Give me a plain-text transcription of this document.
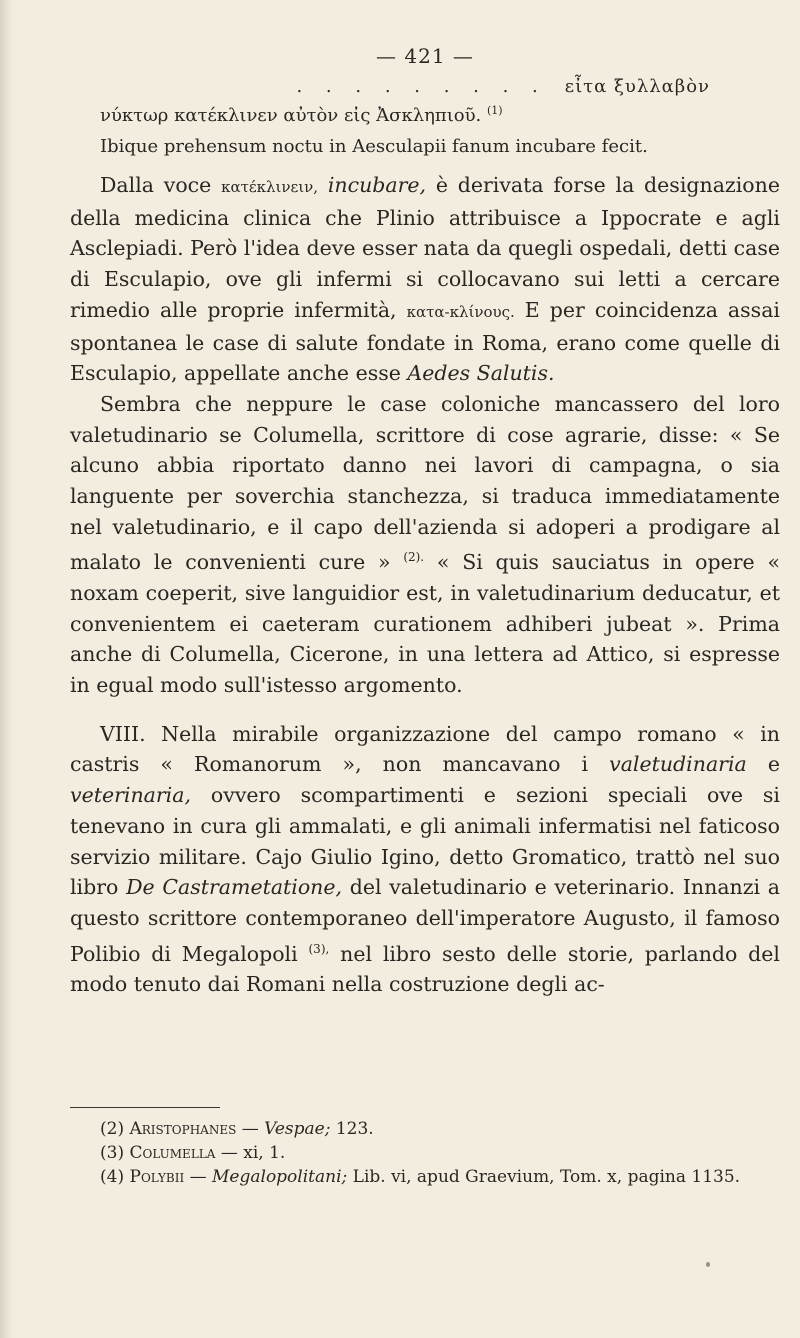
— 421 —
. . . . . . . . . εἶτα ξυλλαβὸν
νύκτωρ κατέκλινεν αὐτὸν εἰς Ἀσκληπιοῦ. $^{(1)}$
Ibique prehensum noctu in Aesculapii fanum incubare fecit.

Dalla voce κατέκλινειν, incubare, è derivata forse la designazione della medicina clinica che Plinio attribuisce a Ippocrate e agli Asclepiadi. Però l'idea deve esser nata da quegli ospedali, detti case di Esculapio, ove gli infermi si collocavano sui letti a cercare rimedio alle proprie infermità, κατα-κλίνους. E per coincidenza assai spontanea le case di salute fondate in Roma, erano come quelle di Esculapio, appellate anche esse Aedes Salutis.

Sembra che neppure le case coloniche mancassero del loro valetudinario se Columella, scrittore di cose agrarie, disse: « Se alcuno abbia riportato danno nei lavori di campagna, o sia languente per soverchia stanchezza, si traduca immediatamente nel valetudinario, e il capo dell'azienda si adoperi a prodigare al malato le convenienti cure » $^{(2).}$ « Si quis sauciatus in opere « noxam coeperit, sive languidior est, in valetudinarium deducatur, et convenientem ei caeteram curationem adhiberi jubeat ». Prima anche di Columella, Cicerone, in una lettera ad Attico, si espresse in egual modo sull'istesso argomento.

VIII. Nella mirabile organizzazione del campo romano « in castris « Romanorum », non mancavano i valetudinaria e veterinaria, ovvero scompartimenti e sezioni speciali ove si tenevano in cura gli ammalati, e gli animali infermatisi nel faticoso servizio militare. Cajo Giulio Igino, detto Gromatico, trattò nel suo libro De Castrametatione, del valetudinario e veterinario. Innanzi a questo scrittore contemporaneo dell'imperatore Augusto, il famoso Polibio di Megalopoli $^{(3),}$ nel libro sesto delle storie, parlando del modo tenuto dai Romani nella costruzione degli ac-

(2) Aristophanes — Vespae; 123.
(3) Columella — xi, 1.
(4) Polybii — Megalopolitani; Lib. vi, apud Graevium, Tom. x, pagina 1135.
